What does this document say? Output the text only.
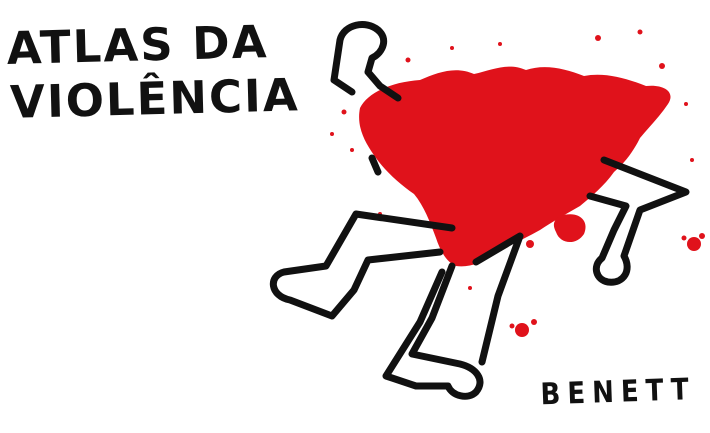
ATLAS DA
VIOLÊNCIA
BENETT
